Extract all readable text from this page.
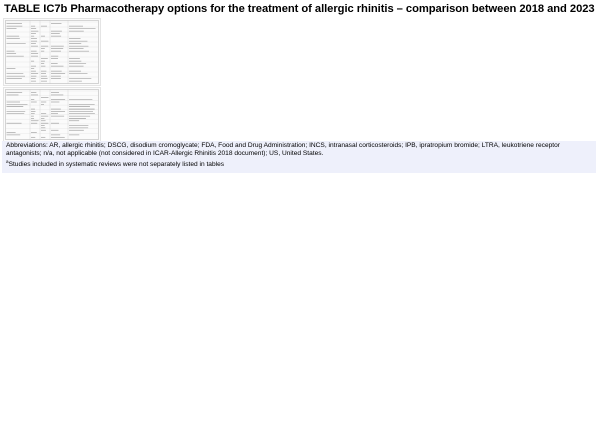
TABLE IC7b Pharmacotherapy options for the treatment of allergic rhinitis – comparison between 2018 and 2023

Abbreviations: AR, allergic rhinitis; DSCG, disodium cromoglycate; FDA, Food and Drug Administration; INCS, intranasal corticosteroids; IPB, ipratropium bromide; LTRA, leukotriene receptor antagonists; n/a, not applicable (not considered in ICAR-Allergic Rhinitis 2018 document); US, United States.

$^a$Studies included in systematic reviews were not separately listed in tables
